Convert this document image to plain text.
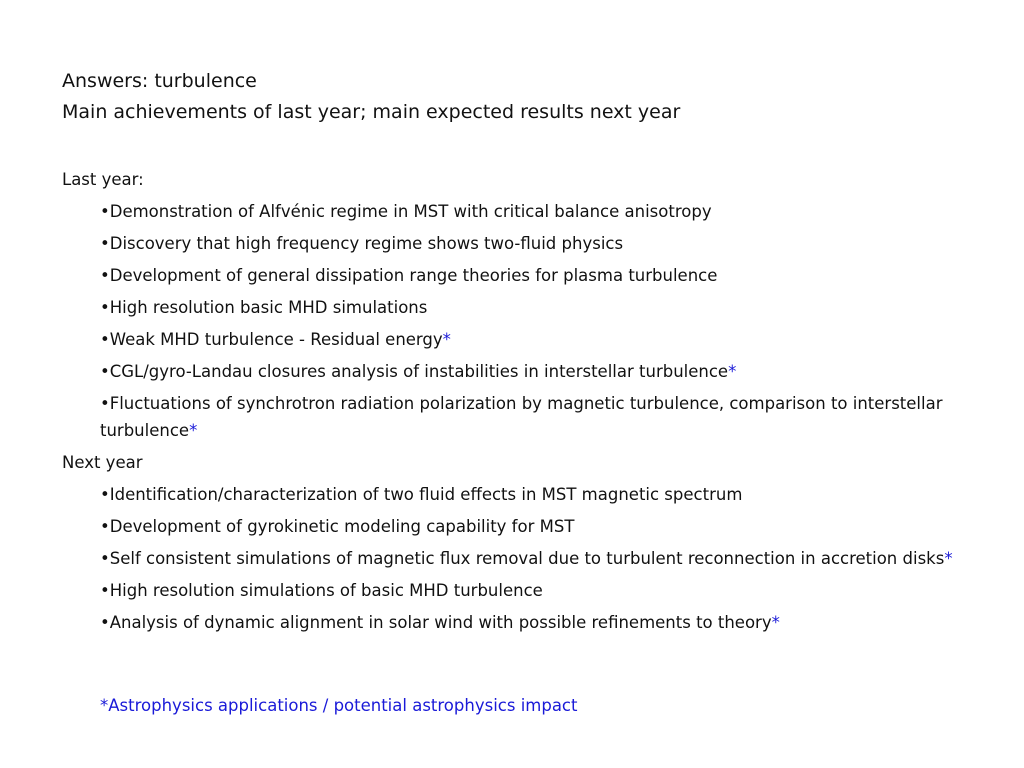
Answers: turbulence
Main achievements of last year; main expected results next year
Last year:
•Demonstration of Alfvénic regime in MST with critical balance anisotropy
•Discovery that high frequency regime shows two-fluid physics
•Development of general dissipation range theories for plasma turbulence
•High resolution basic MHD simulations
•Weak MHD turbulence - Residual energy*
•CGL/gyro-Landau closures analysis of instabilities in interstellar turbulence*
•Fluctuations of synchrotron radiation polarization by magnetic turbulence, comparison to interstellar turbulence*
Next year
•Identification/characterization of two fluid effects in MST magnetic spectrum
•Development of gyrokinetic modeling capability for MST
•Self consistent simulations of magnetic flux removal due to turbulent reconnection in accretion disks*
•High resolution simulations of basic MHD turbulence
•Analysis of dynamic alignment in solar wind with possible refinements to theory*
*Astrophysics applications / potential astrophysics impact
